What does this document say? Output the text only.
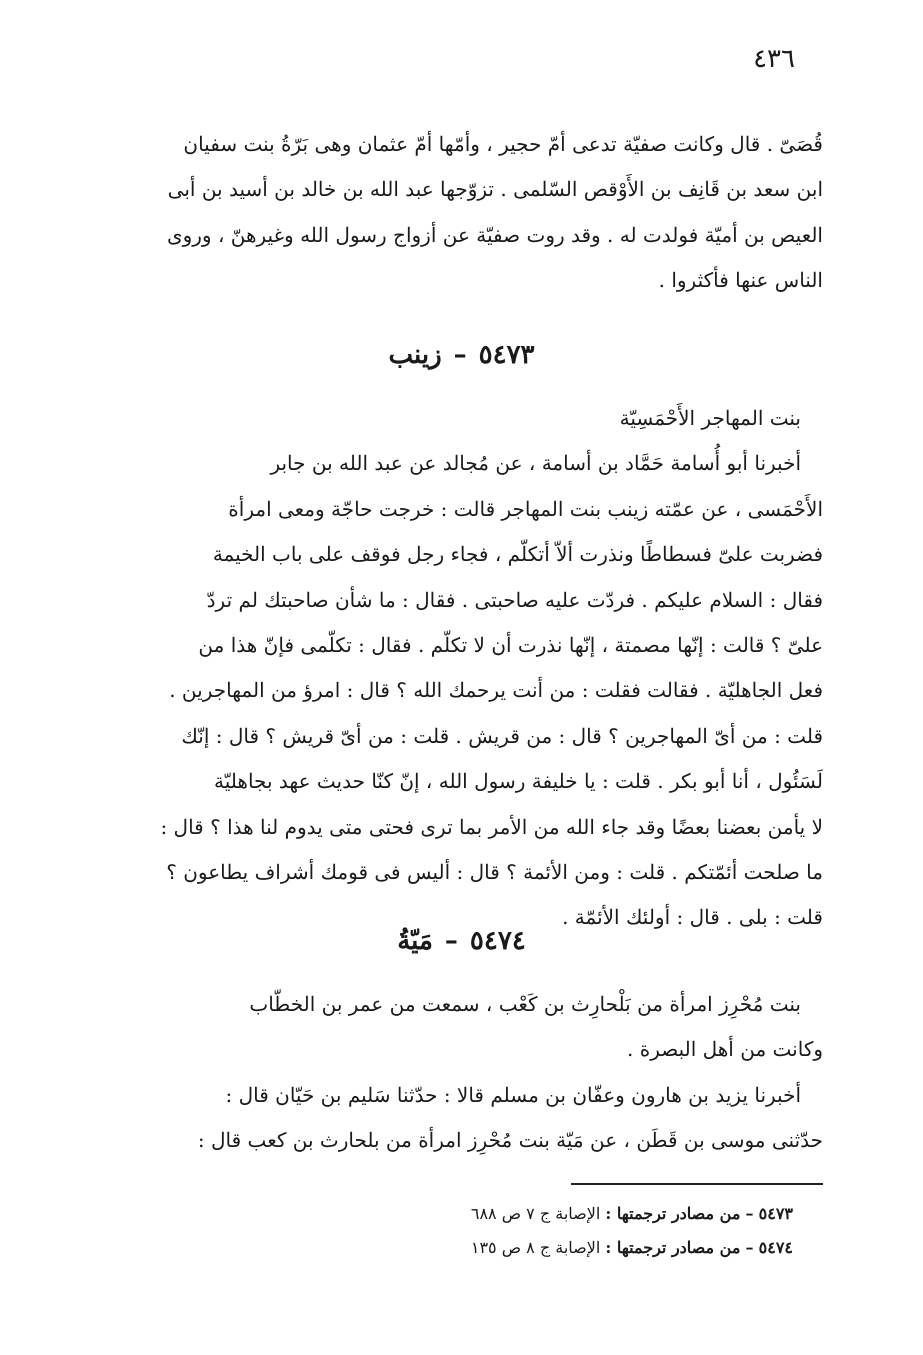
٤٣٦

قُصَىّ . قال وكانت صفيّة تدعى أمّ حجير ، وأمّها أمّ عثمان وهى بَرّةُ بنت سفيان

ابن سعد بن قَانِف بن الأَوْقص السّلمى . تزوّجها عبد الله بن خالد بن أسيد بن أبى

العيص بن أميّة فولدت له . وقد روت صفيّة عن أزواج رسول الله وغيرهنّ ، وروى

الناس عنها فأكثروا .

٥٤٧٣–زينب

بنت المهاجر الأَحْمَسِيّة

أخبرنا أبو أُسامة حَمَّاد بن أسامة ، عن مُجالد عن عبد الله بن جابر

الأَحْمَسى ، عن عمّته زينب بنت المهاجر قالت : خرجت حاجّة ومعى امرأة

فضربت علىّ فسطاطًا ونذرت ألاّ أتكلّم ، فجاء رجل فوقف على باب الخيمة

فقال : السلام عليكم . فردّت عليه صاحبتى . فقال : ما شأن صاحبتك لم تردّ

علىّ ؟ قالت : إنّها مصمتة ، إنّها نذرت أن لا تكلّم . فقال : تكلّمى فإنّ هذا من

فعل الجاهليّة . فقالت فقلت : من أنت يرحمك الله ؟ قال : امرؤ من المهاجرين .

قلت : من أىّ المهاجرين ؟ قال : من قريش . قلت : من أىّ قريش ؟ قال : إنّك

لَسَئُول ، أنا أبو بكر . قلت : يا خليفة رسول الله ، إنّ كنّا حديث عهد بجاهليّة

لا يأمن بعضنا بعضًا وقد جاء الله من الأمر بما ترى فحتى متى يدوم لنا هذا ؟ قال :

ما صلحت أئمّتكم . قلت : ومن الأئمة ؟ قال : أليس فى قومك أشراف يطاعون ؟

قلت : بلى . قال : أولئك الأئمّة .

٥٤٧٤–مَيّةُ

بنت مُحْرِز امرأة من بَلْحارِث بن كَعْب ، سمعت من عمر بن الخطّاب

وكانت من أهل البصرة .

أخبرنا يزيد بن هارون وعفّان بن مسلم قالا : حدّثنا سَليم بن حَيّان قال :

حدّثنى موسى بن قَطَن ، عن مَيّة بنت مُحْرِز امرأة من بلحارث بن كعب قال :

٥٤٧٣ – من مصادر ترجمتها : الإصابة ج ٧ ص ٦٨٨
٥٤٧٤ – من مصادر ترجمتها : الإصابة ج ٨ ص ١٣٥
